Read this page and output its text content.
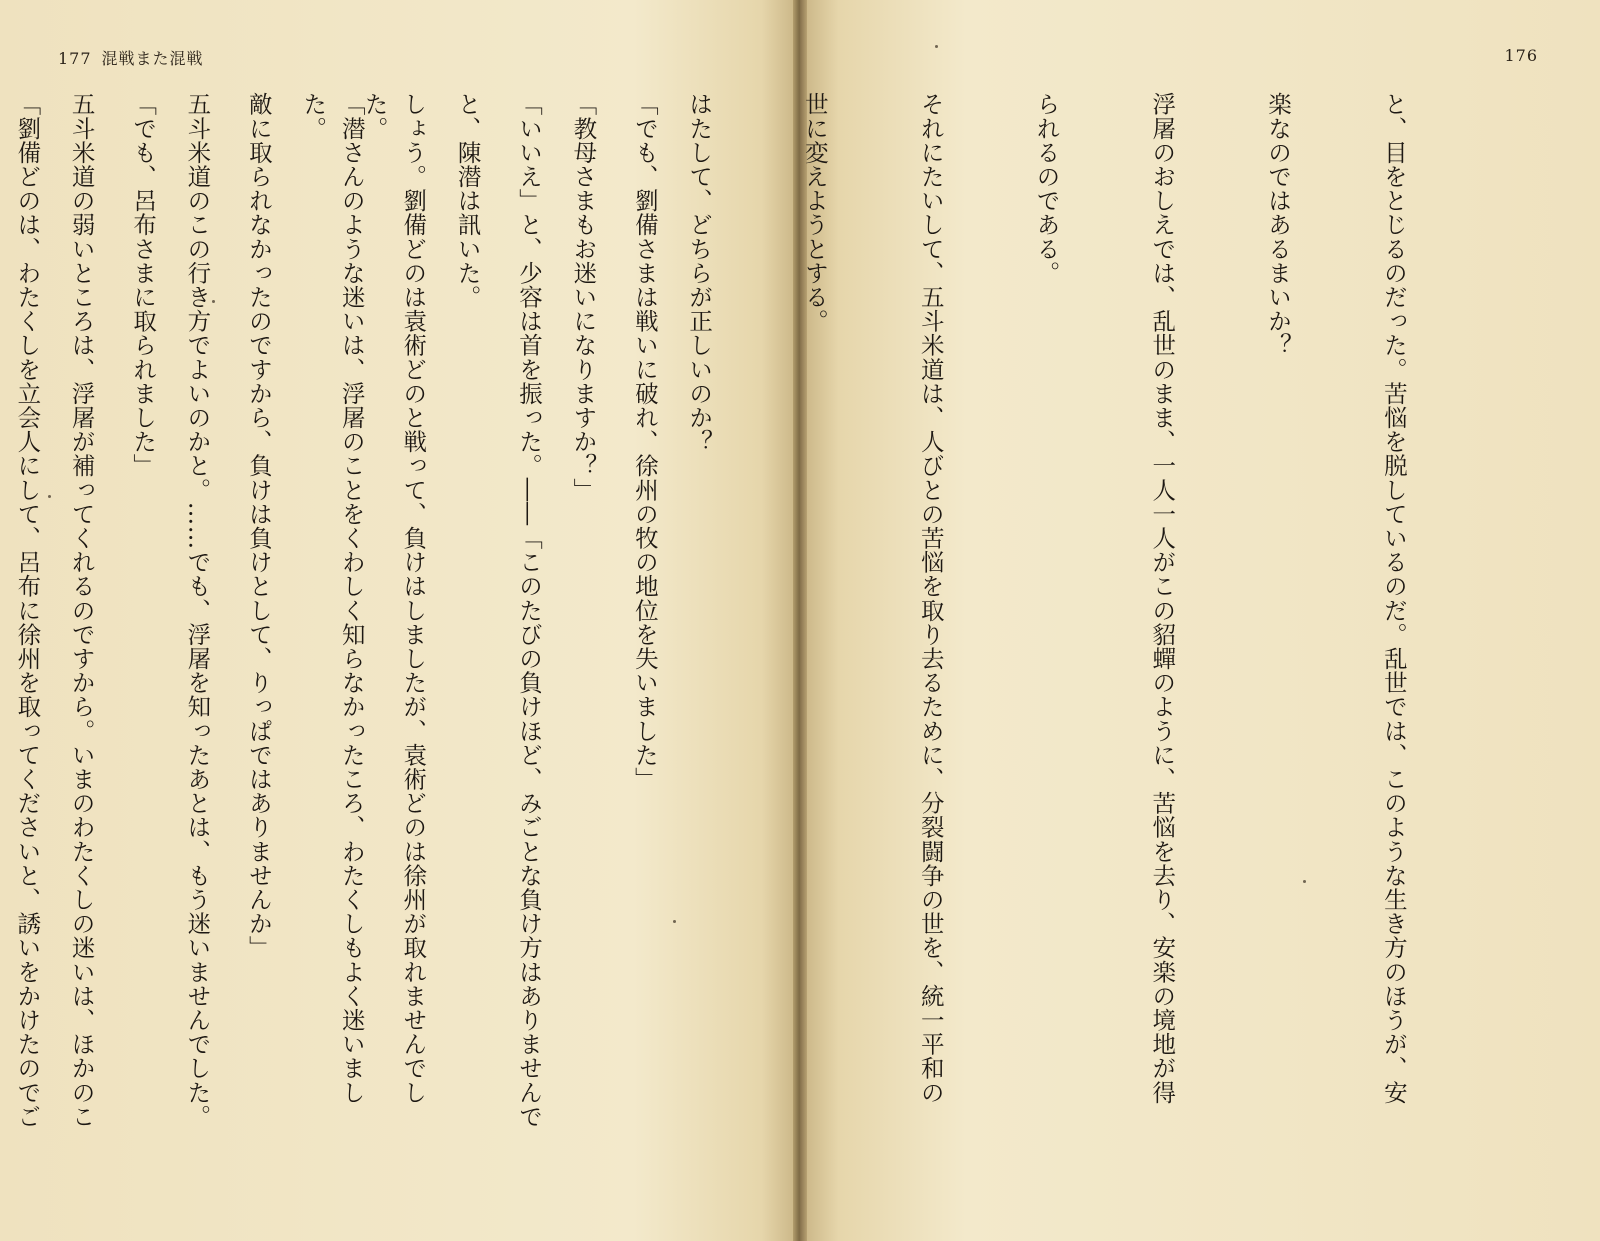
177 混戦また混戦

「でも、劉備さまは戦いに破れ、徐州の牧の地位を失いました」

「いいえ」と、少容は首を振った。――「このたびの負けほど、みごとな負け方はありませんで

しょう。劉備どのは袁術どのと戦って、負けはしましたが、袁術どのは徐州が取れませんでした。

敵に取られなかったのですから、負けは負けとして、りっぱではありませんか」

「でも、呂布さまに取られました」

「劉備どのは、わたくしを立会人にして、呂布に徐州を取ってくださいと、誘いをかけたのでご

176

と、目をとじるのだった。苦悩を脱しているのだ。乱世では、このような生き方のほうが、安

楽なのではあるまいか？

浮屠のおしえでは、乱世のまま、一人一人がこの貂蟬のように、苦悩を去り、安楽の境地が得

られるのである。

それにたいして、五斗米道は、人びとの苦悩を取り去るために、分裂闘争の世を、統一平和の

世に変えようとする。

はたして、どちらが正しいのか？

「教母さまもお迷いになりますか？」

と、陳潜は訊いた。

「潜さんのような迷いは、浮屠のことをくわしく知らなかったころ、わたくしもよく迷いました。

五斗米道のこの行き方でよいのかと。……でも、浮屠を知ったあとは、もう迷いませんでした。

五斗米道の弱いところは、浮屠が補ってくれるのですから。いまのわたくしの迷いは、ほかのこ
